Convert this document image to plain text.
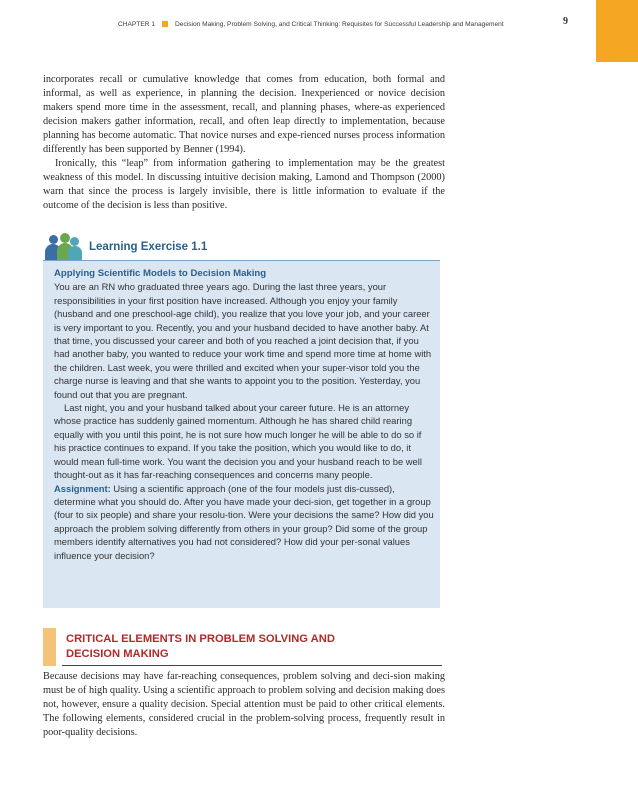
CHAPTER 1	Decision Making, Problem Solving, and Critical Thinking: Requisites for Successful Leadership and Management	9

incorporates recall or cumulative knowledge that comes from education, both formal and informal, as well as experience, in planning the decision. Inexperienced or novice decision makers spend more time in the assessment, recall, and planning phases, where-as experienced decision makers gather information, recall, and often leap directly to implementation, because planning has become automatic. That novice nurses and expe-rienced nurses process information differently has been supported by Benner (1994).

Ironically, this “leap” from information gathering to implementation may be the greatest weakness of this model. In discussing intuitive decision making, Lamond and Thompson (2000) warn that since the process is largely invisible, there is little information to evaluate if the outcome of the decision is less than positive.

Learning Exercise 1.1

Applying Scientific Models to Decision Making

You are an RN who graduated three years ago. During the last three years, your responsibilities in your first position have increased. Although you enjoy your family (husband and one preschool-age child), you realize that you love your job, and your career is very important to you. Recently, you and your husband decided to have another baby. At that time, you discussed your career and both of you reached a joint decision that, if you had another baby, you wanted to reduce your work time and spend more time at home with the children. Last week, you were thrilled and excited when your super-visor told you the charge nurse is leaving and that she wants to appoint you to the position. Yesterday, you found out that you are pregnant.

Last night, you and your husband talked about your career future. He is an attorney whose practice has suddenly gained momentum. Although he has shared child rearing equally with you until this point, he is not sure how much longer he will be able to do so if his practice continues to expand. If you take the position, which you would like to do, it would mean full-time work. You want the decision you and your husband reach to be well thought-out as it has far-reaching consequences and concerns many people.

Assignment: Using a scientific approach (one of the four models just dis-cussed), determine what you should do. After you have made your deci-sion, get together in a group (four to six people) and share your resolu-tion. Were your decisions the same? How did you approach the problem solving differently from others in your group? Did some of the group members identify alternatives you had not considered? How did your per-sonal values influence your decision?

CRITICAL ELEMENTS IN PROBLEM SOLVING AND
DECISION MAKING

Because decisions may have far-reaching consequences, problem solving and deci-sion making must be of high quality. Using a scientific approach to problem solving and decision making does not, however, ensure a quality decision. Special attention must be paid to other critical elements. The following elements, considered crucial in the problem-solving process, frequently result in poor-quality decisions.
